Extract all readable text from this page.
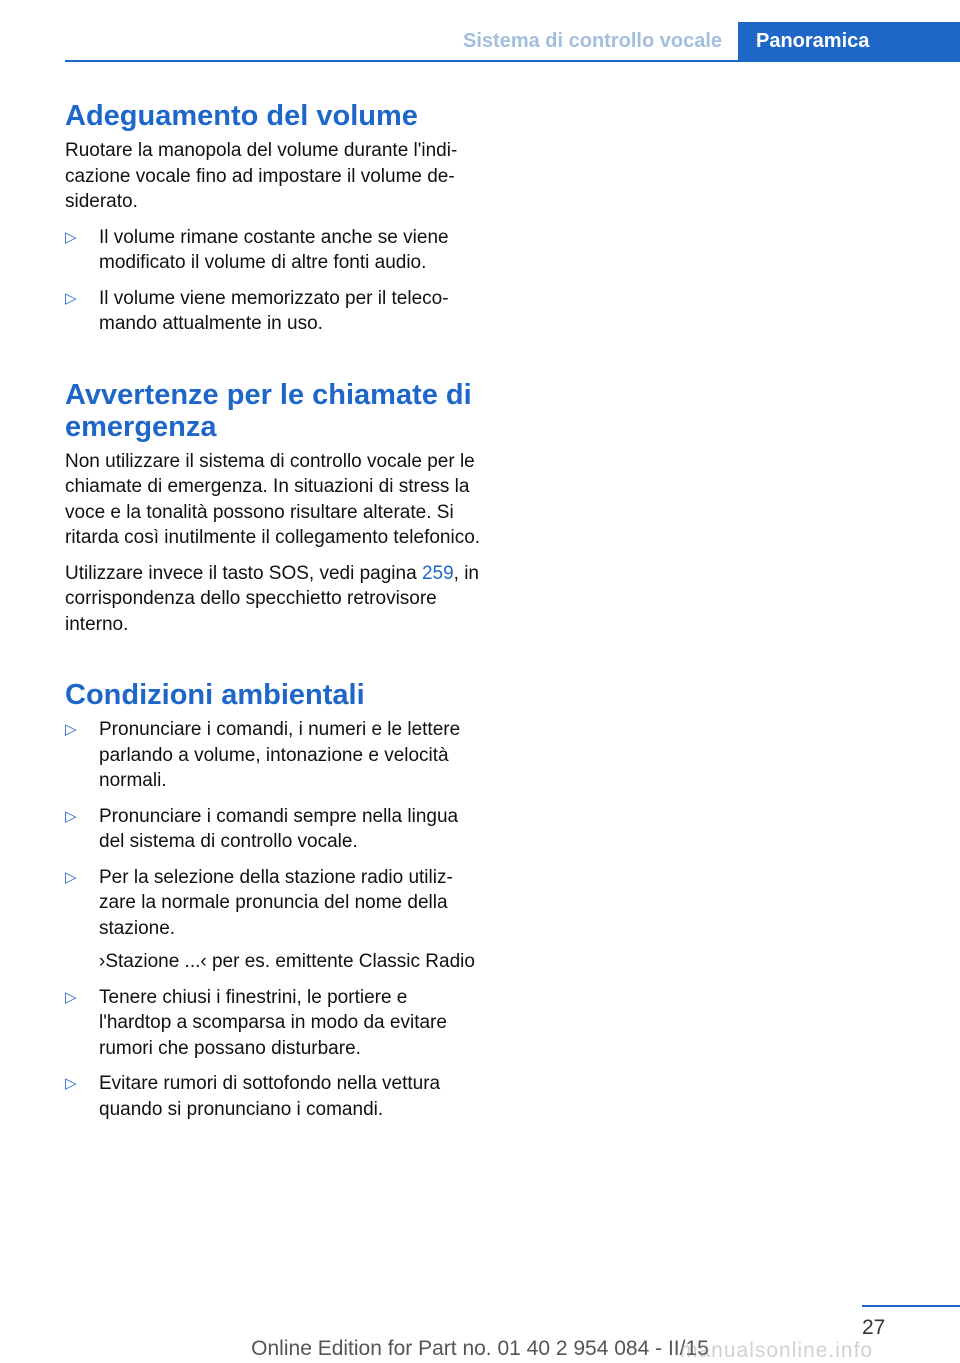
Sistema di controllo vocale	Panoramica
Adeguamento del volume

Ruotare la manopola del volume durante l'indicazione vocale fino ad impostare il volume desiderato.

▷ Il volume rimane costante anche se viene modificato il volume di altre fonti audio.
▷ Il volume viene memorizzato per il telecomando attualmente in uso.
Avvertenze per le chiamate di emergenza

Non utilizzare il sistema di controllo vocale per le chiamate di emergenza. In situazioni di stress la voce e la tonalità possono risultare alterate. Si ritarda così inutilmente il collegamento telefonico.

Utilizzare invece il tasto SOS, vedi pagina 259, in corrispondenza dello specchietto retrovisore interno.

Condizioni ambientali
▷ Pronunciare i comandi, i numeri e le lettere parlando a volume, intonazione e velocità normali.
▷ Pronunciare i comandi sempre nella lingua del sistema di controllo vocale.
▷ Per la selezione della stazione radio utilizzare la normale pronuncia del nome della stazione.
›Stazione ...‹ per es. emittente Classic Radio
▷ Tenere chiusi i finestrini, le portiere e l'hardtop a scomparsa in modo da evitare rumori che possano disturbare.
▷ Evitare rumori di sottofondo nella vettura quando si pronunciano i comandi.
27
Online Edition for Part no. 01 40 2 954 084 - II/15
manualsonline.info
